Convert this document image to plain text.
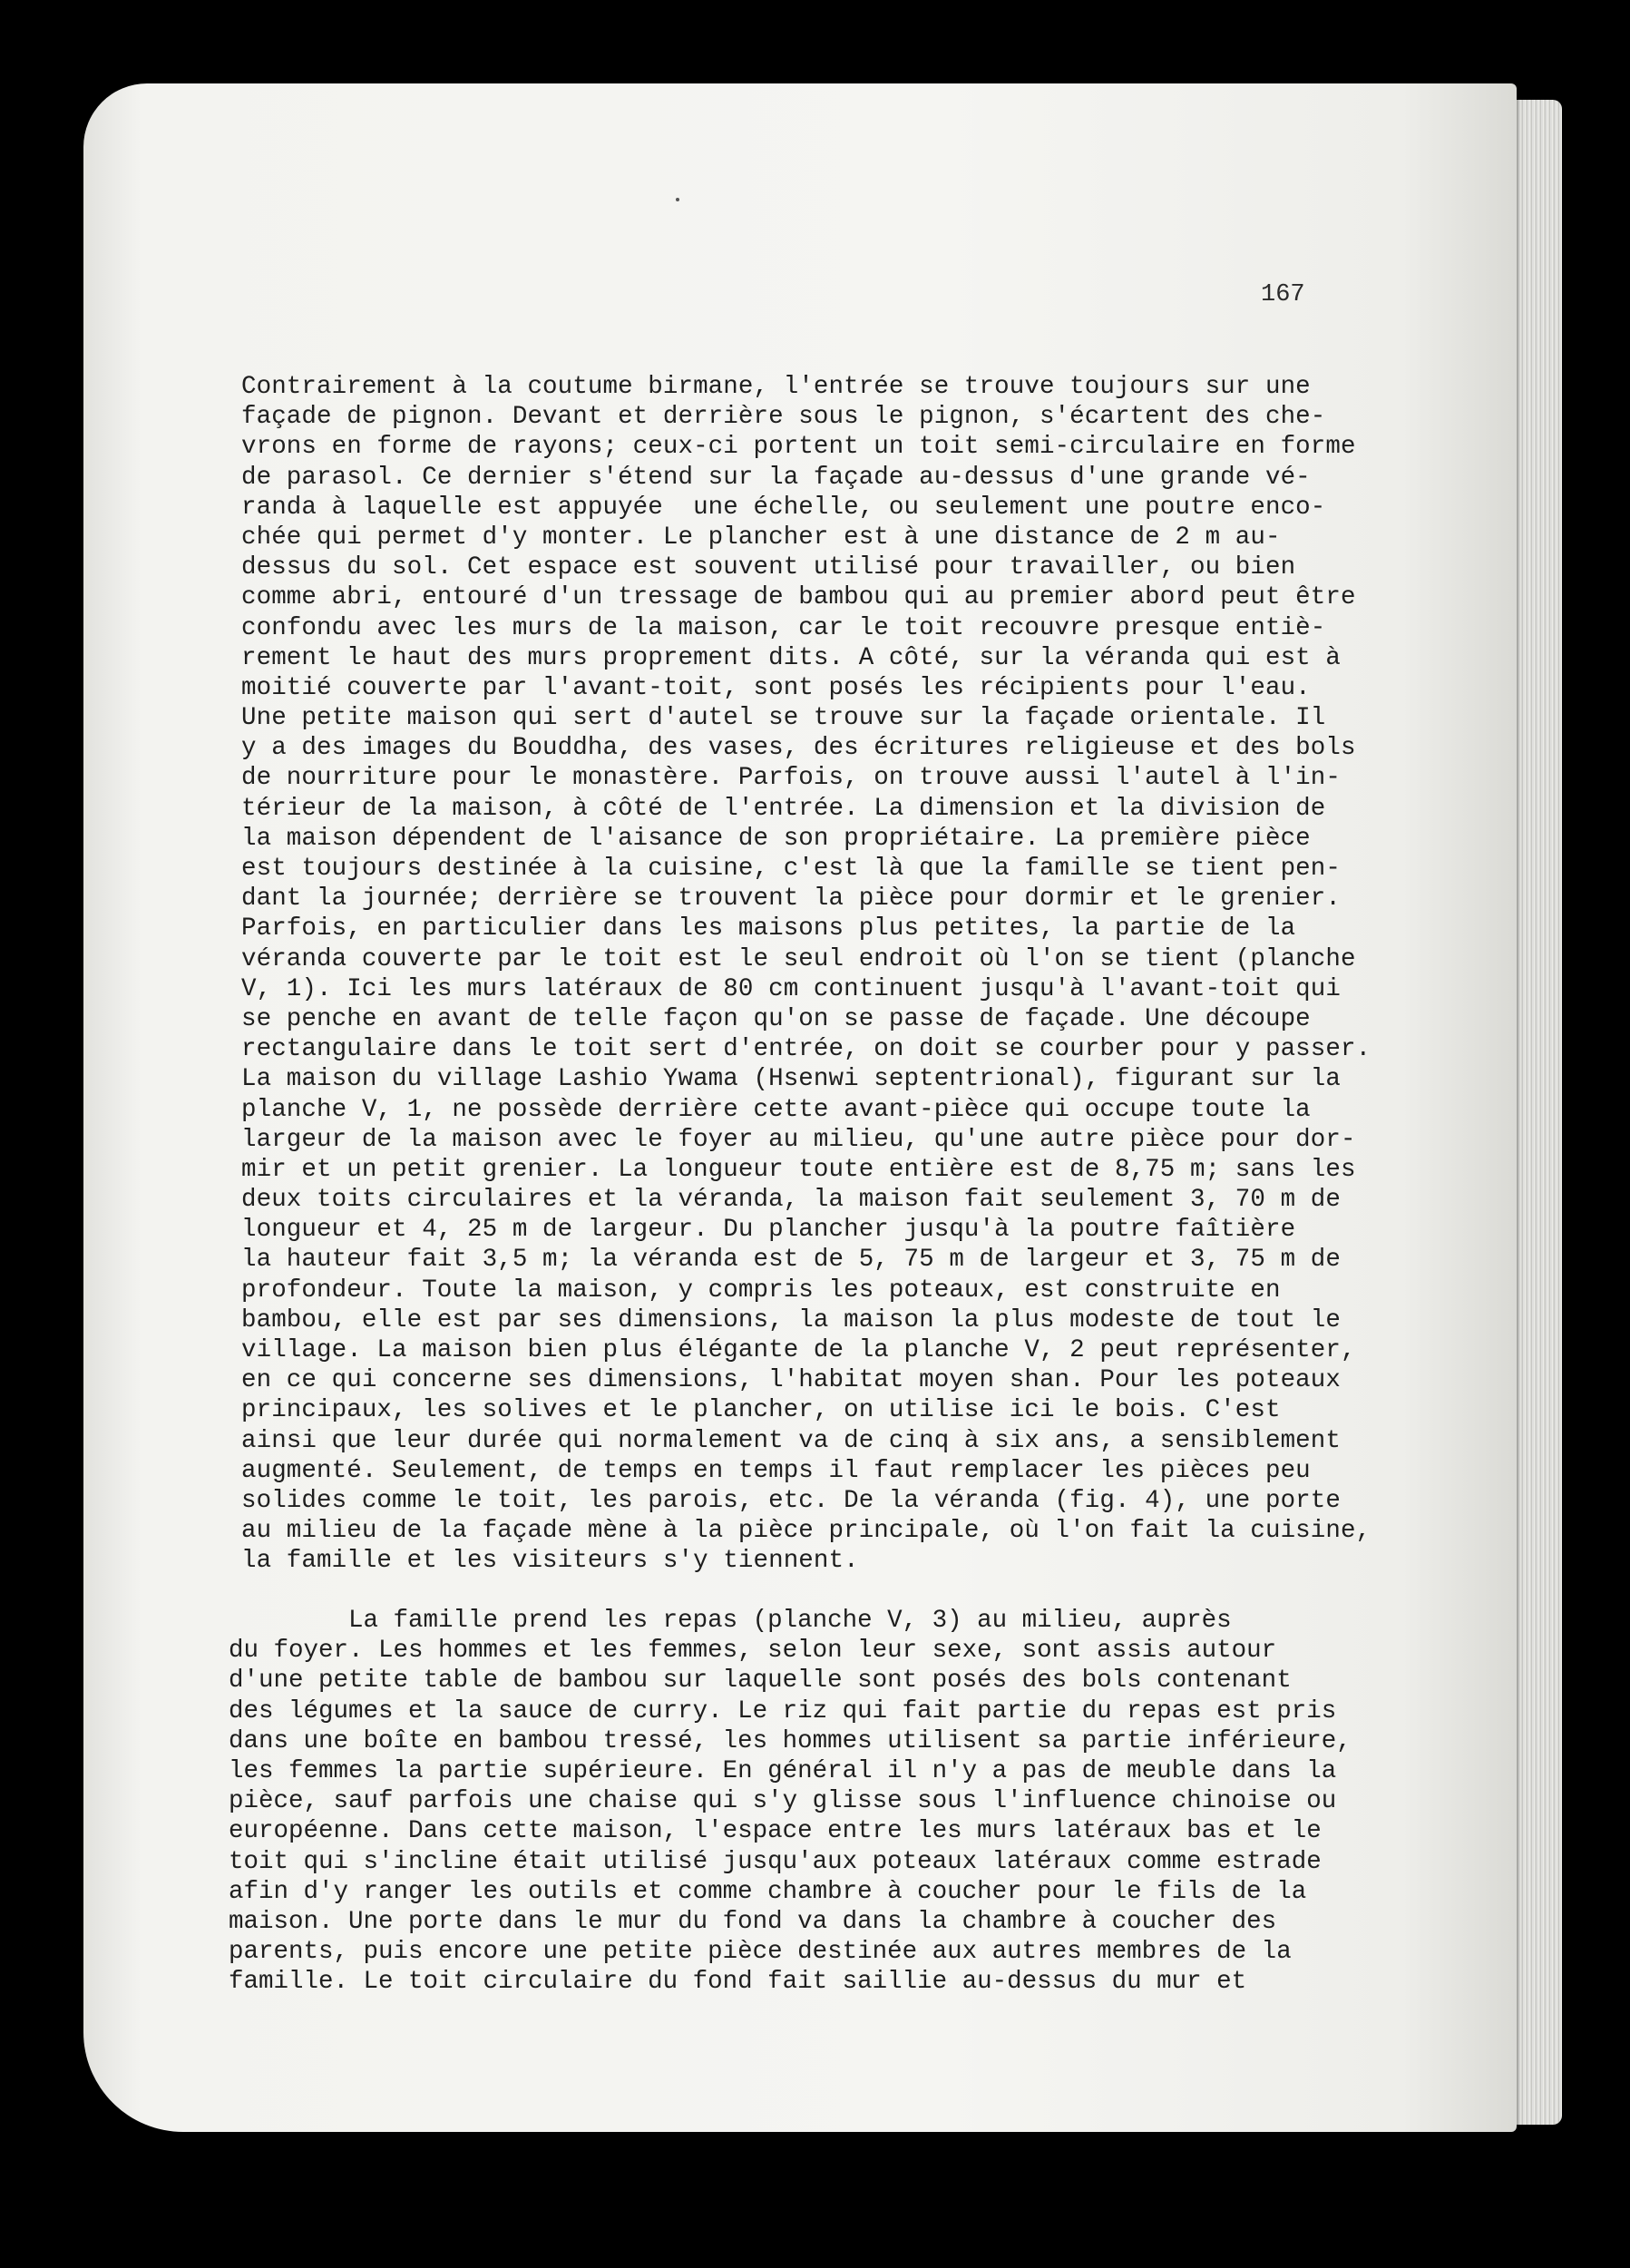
167
Contrairement à la coutume birmane, l'entrée se trouve toujours sur une
façade de pignon. Devant et derrière sous le pignon, s'écartent des che-
vrons en forme de rayons; ceux-ci portent un toit semi-circulaire en forme
de parasol. Ce dernier s'étend sur la façade au-dessus d'une grande vé-
randa à laquelle est appuyée  une échelle, ou seulement une poutre enco-
chée qui permet d'y monter. Le plancher est à une distance de 2 m au-
dessus du sol. Cet espace est souvent utilisé pour travailler, ou bien
comme abri, entouré d'un tressage de bambou qui au premier abord peut être
confondu avec les murs de la maison, car le toit recouvre presque entiè-
rement le haut des murs proprement dits. A côté, sur la véranda qui est à
moitié couverte par l'avant-toit, sont posés les récipients pour l'eau.
Une petite maison qui sert d'autel se trouve sur la façade orientale. Il
y a des images du Bouddha, des vases, des écritures religieuse et des bols
de nourriture pour le monastère. Parfois, on trouve aussi l'autel à l'in-
térieur de la maison, à côté de l'entrée. La dimension et la division de
la maison dépendent de l'aisance de son propriétaire. La première pièce
est toujours destinée à la cuisine, c'est là que la famille se tient pen-
dant la journée; derrière se trouvent la pièce pour dormir et le grenier.
Parfois, en particulier dans les maisons plus petites, la partie de la
véranda couverte par le toit est le seul endroit où l'on se tient (planche
V, 1). Ici les murs latéraux de 80 cm continuent jusqu'à l'avant-toit qui
se penche en avant de telle façon qu'on se passe de façade. Une découpe
rectangulaire dans le toit sert d'entrée, on doit se courber pour y passer.
La maison du village Lashio Ywama (Hsenwi septentrional), figurant sur la
planche V, 1, ne possède derrière cette avant-pièce qui occupe toute la
largeur de la maison avec le foyer au milieu, qu'une autre pièce pour dor-
mir et un petit grenier. La longueur toute entière est de 8,75 m; sans les
deux toits circulaires et la véranda, la maison fait seulement 3, 70 m de
longueur et 4, 25 m de largeur. Du plancher jusqu'à la poutre faîtière
la hauteur fait 3,5 m; la véranda est de 5, 75 m de largeur et 3, 75 m de
profondeur. Toute la maison, y compris les poteaux, est construite en
bambou, elle est par ses dimensions, la maison la plus modeste de tout le
village. La maison bien plus élégante de la planche V, 2 peut représenter,
en ce qui concerne ses dimensions, l'habitat moyen shan. Pour les poteaux
principaux, les solives et le plancher, on utilise ici le bois. C'est
ainsi que leur durée qui normalement va de cinq à six ans, a sensiblement
augmenté. Seulement, de temps en temps il faut remplacer les pièces peu
solides comme le toit, les parois, etc. De la véranda (fig. 4), une porte
au milieu de la façade mène à la pièce principale, où l'on fait la cuisine,
la famille et les visiteurs s'y tiennent.
La famille prend les repas (planche V, 3) au milieu, auprès
du foyer. Les hommes et les femmes, selon leur sexe, sont assis autour
d'une petite table de bambou sur laquelle sont posés des bols contenant
des légumes et la sauce de curry. Le riz qui fait partie du repas est pris
dans une boîte en bambou tressé, les hommes utilisent sa partie inférieure,
les femmes la partie supérieure. En général il n'y a pas de meuble dans la
pièce, sauf parfois une chaise qui s'y glisse sous l'influence chinoise ou
européenne. Dans cette maison, l'espace entre les murs latéraux bas et le
toit qui s'incline était utilisé jusqu'aux poteaux latéraux comme estrade
afin d'y ranger les outils et comme chambre à coucher pour le fils de la
maison. Une porte dans le mur du fond va dans la chambre à coucher des
parents, puis encore une petite pièce destinée aux autres membres de la
famille. Le toit circulaire du fond fait saillie au-dessus du mur et
